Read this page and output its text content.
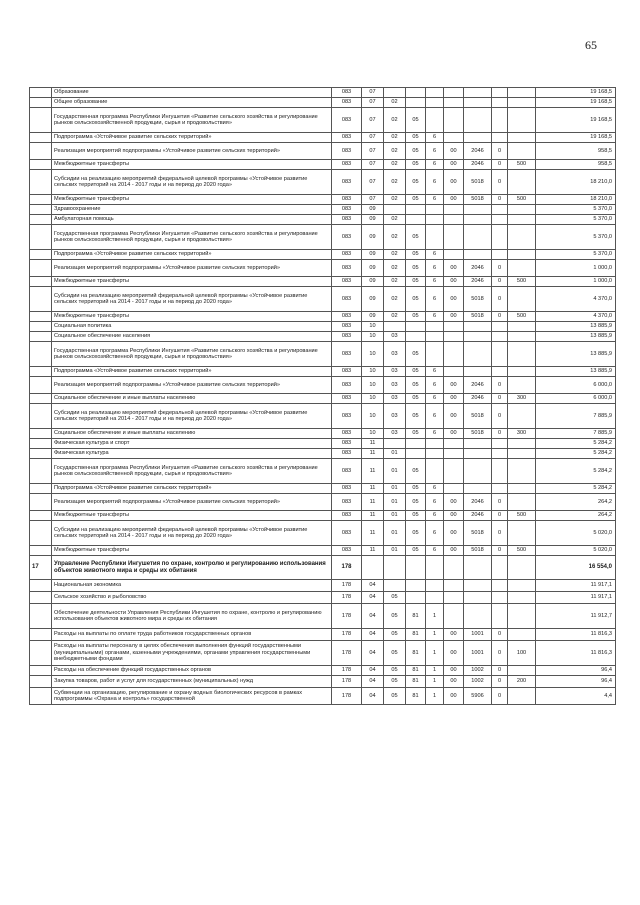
65
	Образование	083	07								19 168,5
	Общее образование	083	07	02							19 168,5
	Государственная программа Республики Ингушетия «Развитие сельского хозяйства и регулирование рынков сельскохозяйственной продукции, сырья и продовольствия»	083	07	02	05						19 168,5
	Подпрограмма «Устойчивое развитие сельских территорий»	083	07	02	05	6					19 168,5
	Реализация мероприятий подпрограммы «Устойчивое развитие сельских территорий»	083	07	02	05	6	00	2046	0		958,5
	Межбюджетные трансферты	083	07	02	05	6	00	2046	0	500	958,5
	Субсидии на реализацию мероприятий федеральной целевой программы «Устойчивое развитие сельских территорий на 2014 - 2017 годы и на период до 2020 года»	083	07	02	05	6	00	5018	0		18 210,0
	Межбюджетные трансферты	083	07	02	05	6	00	5018	0	500	18 210,0
	Здравоохранение	083	09								5 370,0
	Амбулаторная помощь	083	09	02							5 370,0
	Государственная программа Республики Ингушетия «Развитие сельского хозяйства и регулирование рынков сельскохозяйственной продукции, сырья и продовольствия»	083	09	02	05						5 370,0
	Подпрограмма «Устойчивое развитие сельских территорий»	083	09	02	05	6					5 370,0
	Реализация мероприятий подпрограммы «Устойчивое развитие сельских территорий»	083	09	02	05	6	00	2046	0		1 000,0
	Межбюджетные трансферты	083	09	02	05	6	00	2046	0	500	1 000,0
	Субсидии на реализацию мероприятий федеральной целевой программы «Устойчивое развитие сельских территорий на 2014 - 2017 годы и на период до 2020 года»	083	09	02	05	6	00	5018	0		4 370,0
	Межбюджетные трансферты	083	09	02	05	6	00	5018	0	500	4 370,0
	Социальная политика	083	10								13 885,9
	Социальное обеспечение населения	083	10	03							13 885,9
	Государственная программа Республики Ингушетия «Развитие сельского хозяйства и регулирование рынков сельскохозяйственной продукции, сырья и продовольствия»	083	10	03	05						13 885,9
	Подпрограмма «Устойчивое развитие сельских территорий»	083	10	03	05	6					13 885,9
	Реализация мероприятий подпрограммы «Устойчивое развитие сельских территорий»	083	10	03	05	6	00	2046	0		6 000,0
	Социальное обеспечение и иные выплаты населению	083	10	03	05	6	00	2046	0	300	6 000,0
	Субсидии на реализацию мероприятий федеральной целевой программы «Устойчивое развитие сельских территорий на 2014 - 2017 годы и на период до 2020 года»	083	10	03	05	6	00	5018	0		7 885,9
	Социальное обеспечение и иные выплаты населению	083	10	03	05	6	00	5018	0	300	7 885,9
	Физическая культура и спорт	083	11								5 284,2
	Физическая культура	083	11	01							5 284,2
	Государственная программа Республики Ингушетия «Развитие сельского хозяйства и регулирование рынков сельскохозяйственной продукции, сырья и продовольствия»	083	11	01	05						5 284,2
	Подпрограмма «Устойчивое развитие сельских территорий»	083	11	01	05	6					5 284,2
	Реализация мероприятий подпрограммы «Устойчивое развитие сельских территорий»	083	11	01	05	6	00	2046	0		264,2
	Межбюджетные трансферты	083	11	01	05	6	00	2046	0	500	264,2
	Субсидии на реализацию мероприятий федеральной целевой программы «Устойчивое развитие сельских территорий на 2014 - 2017 годы и на период до 2020 года»	083	11	01	05	6	00	5018	0		5 020,0
	Межбюджетные трансферты	083	11	01	05	6	00	5018	0	500	5 020,0
17	Управление Республики Ингушетия по охране, контролю и регулированию использования объектов животного мира и среды их обитания	178									16 554,0
	Национальная экономика	178	04								11 917,1
	Сельское хозяйство и рыболовство	178	04	05							11 917,1
	Обеспечение деятельности Управления Республики Ингушетия по охране, контролю и регулированию использования объектов животного мира и среды их обитания	178	04	05	81	1					11 912,7
	Расходы на выплаты по оплате труда работников государственных органов	178	04	05	81	1	00	1001	0		11 816,3
	Расходы на выплаты персоналу в целях обеспечения выполнения функций государственными (муниципальными) органами, казенными учреждениями, органами управления государственными внебюджетными фондами	178	04	05	81	1	00	1001	0	100	11 816,3
	Расходы на обеспечение функций государственных органов	178	04	05	81	1	00	1002	0		96,4
	Закупка товаров, работ и услуг для государственных (муниципальных) нужд	178	04	05	81	1	00	1002	0	200	96,4
	Субвенции на организацию, регулирование и охрану водных биологических ресурсов в рамках подпрограммы «Охрана и контроль» государственной	178	04	05	81	1	00	5906	0		4,4
